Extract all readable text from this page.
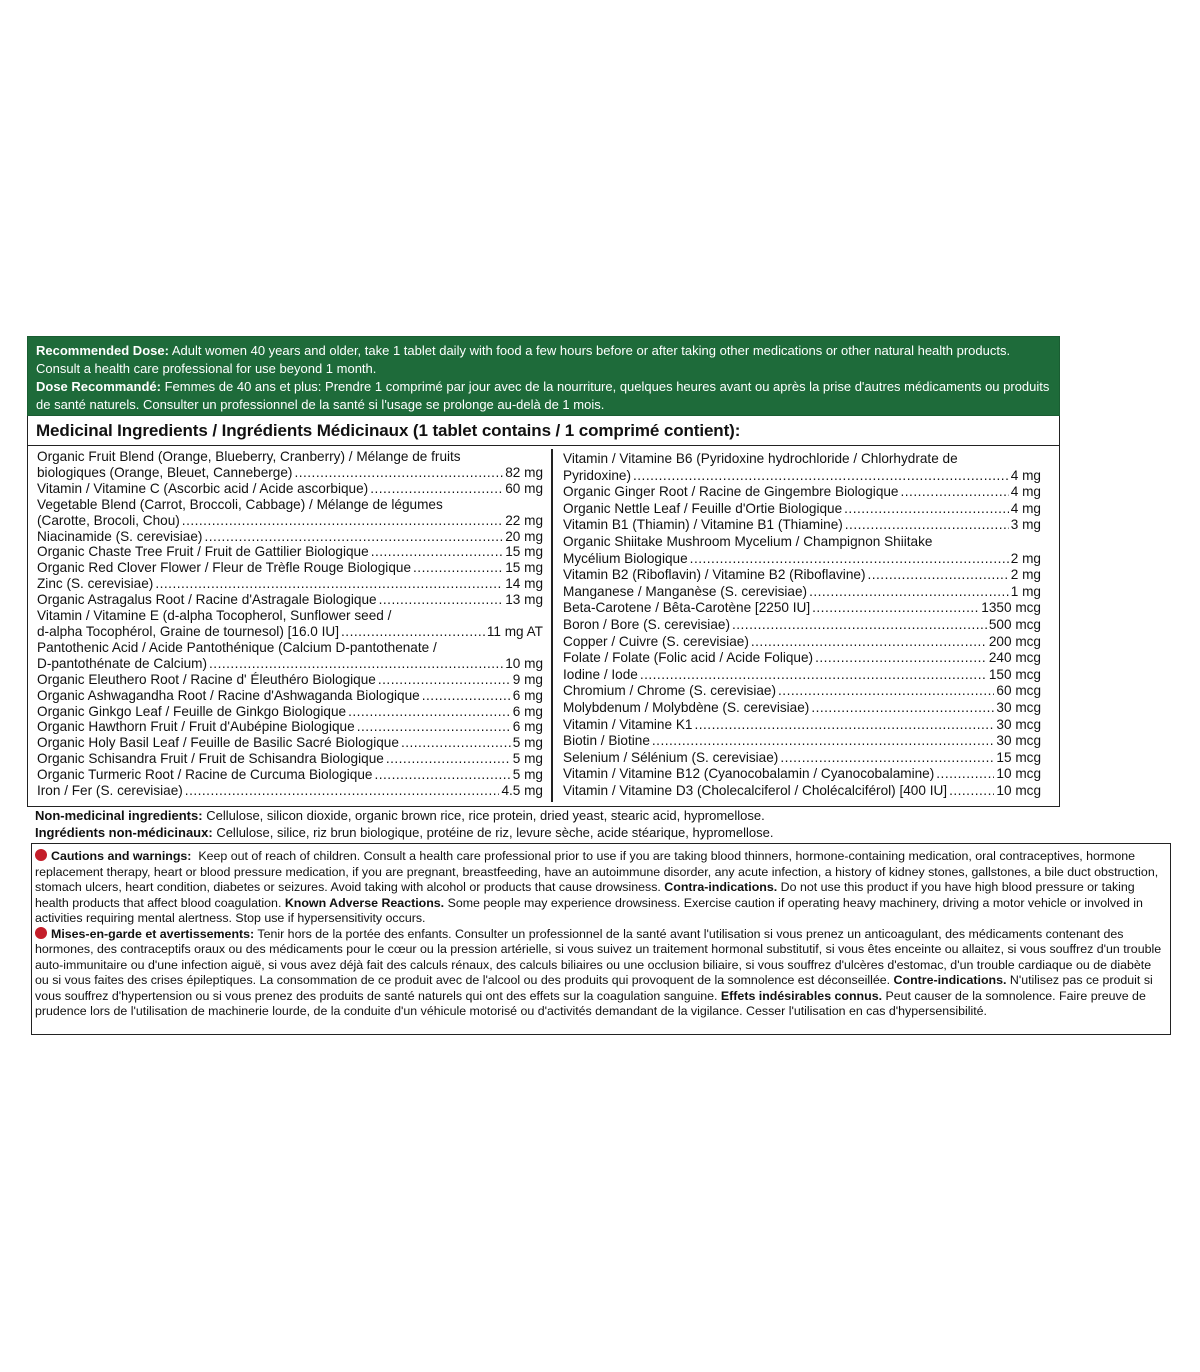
Recommended Dose: Adult women 40 years and older, take 1 tablet daily with food a few hours before or after taking other medications or other natural health products. Consult a health care professional for use beyond 1 month.
Dose Recommandé: Femmes de 40 ans et plus: Prendre 1 comprimé par jour avec de la nourriture, quelques heures avant ou après la prise d'autres médicaments ou produits de santé naturels. Consulter un professionnel de la santé si l'usage se prolonge au-delà de 1 mois.
Medicinal Ingredients / Ingrédients Médicinaux (1 tablet contains / 1 comprimé contient):
Organic Fruit Blend (Orange, Blueberry, Cranberry) / Mélange de fruits
biologiques (Orange, Bleuet, Canneberge) .....	82 mg
Vitamin / Vitamine C (Ascorbic acid / Acide ascorbique) .....	60 mg
Vegetable Blend (Carrot, Broccoli, Cabbage) / Mélange de légumes
(Carotte, Brocoli, Chou) .....	22 mg
Niacinamide (S. cerevisiae) .....	20 mg
Organic Chaste Tree Fruit / Fruit de Gattilier Biologique .....	15 mg
Organic Red Clover Flower / Fleur de Trèfle Rouge Biologique .....	15 mg
Zinc (S. cerevisiae) .....	14 mg
Organic Astragalus Root / Racine d'Astragale Biologique .....	13 mg
Vitamin / Vitamine E (d-alpha Tocopherol, Sunflower seed /
d-alpha Tocophérol, Graine de tournesol) [16.0 IU] .....	11 mg AT
Pantothenic Acid / Acide Pantothénique (Calcium D-pantothenate /
D-pantothénate de Calcium) .....	10 mg
Organic Eleuthero Root / Racine d' Éleuthéro Biologique .....	9 mg
Organic Ashwagandha Root / Racine d'Ashwaganda Biologique .....	6 mg
Organic Ginkgo Leaf / Feuille de Ginkgo Biologique .....	6 mg
Organic Hawthorn Fruit / Fruit d'Aubépine Biologique .....	6 mg
Organic Holy Basil Leaf / Feuille de Basilic Sacré Biologique .....	5 mg
Organic Schisandra Fruit / Fruit de Schisandra Biologique .....	5 mg
Organic Turmeric Root / Racine de Curcuma Biologique .....	5 mg
Iron / Fer (S. cerevisiae) .....	4.5 mg
Vitamin / Vitamine B6 (Pyridoxine hydrochloride / Chlorhydrate de
Pyridoxine) .....	4 mg
Organic Ginger Root / Racine de Gingembre Biologique .....	4 mg
Organic Nettle Leaf / Feuille d'Ortie Biologique .....	4 mg
Vitamin B1 (Thiamin) / Vitamine B1 (Thiamine) .....	3 mg
Organic Shiitake Mushroom Mycelium / Champignon Shiitake
Mycélium Biologique .....	2 mg
Vitamin B2 (Riboflavin) / Vitamine B2 (Riboflavine) .....	2 mg
Manganese / Manganèse (S. cerevisiae) .....	1 mg
Beta-Carotene / Bêta-Carotène [2250 IU] .....	1350 mcg
Boron / Bore (S. cerevisiae) .....	500 mcg
Copper / Cuivre (S. cerevisiae) .....	200 mcg
Folate / Folate (Folic acid / Acide Folique) .....	240 mcg
Iodine / Iode .....	150 mcg
Chromium / Chrome (S. cerevisiae) .....	60 mcg
Molybdenum / Molybdène (S. cerevisiae) .....	30 mcg
Vitamin / Vitamine K1 .....	30 mcg
Biotin / Biotine .....	30 mcg
Selenium / Sélénium (S. cerevisiae) .....	15 mcg
Vitamin / Vitamine B12 (Cyanocobalamin / Cyanocobalamine) .....	10 mcg
Vitamin / Vitamine D3 (Cholecalciferol / Cholécalciférol) [400 IU] .....	10 mcg
Non-medicinal ingredients: Cellulose, silicon dioxide, organic brown rice, rice protein, dried yeast, stearic acid, hypromellose.
Ingrédients non-médicinaux: Cellulose, silice, riz brun biologique, protéine de riz, levure sèche, acide stéarique, hypromellose.
Cautions and warnings: Keep out of reach of children. Consult a health care professional prior to use if you are taking blood thinners, hormone-containing medication, oral contraceptives, hormone replacement therapy, heart or blood pressure medication, if you are pregnant, breastfeeding, have an autoimmune disorder, any acute infection, a history of kidney stones, gallstones, a bile duct obstruction, stomach ulcers, heart condition, diabetes or seizures. Avoid taking with alcohol or products that cause drowsiness. Contra-indications. Do not use this product if you have high blood pressure or taking health products that affect blood coagulation. Known Adverse Reactions. Some people may experience drowsiness. Exercise caution if operating heavy machinery, driving a motor vehicle or involved in activities requiring mental alertness. Stop use if hypersensitivity occurs.
Mises-en-garde et avertissements: Tenir hors de la portée des enfants. Consulter un professionnel de la santé avant l'utilisation si vous prenez un anticoagulant, des médicaments contenant des hormones, des contraceptifs oraux ou des médicaments pour le cœur ou la pression artérielle, si vous suivez un traitement hormonal substitutif, si vous êtes enceinte ou allaitez, si vous souffrez d'un trouble auto-immunitaire ou d'une infection aiguë, si vous avez déjà fait des calculs rénaux, des calculs biliaires ou une occlusion biliaire, si vous souffrez d'ulcères d'estomac, d'un trouble cardiaque ou de diabète ou si vous faites des crises épileptiques. La consommation de ce produit avec de l'alcool ou des produits qui provoquent de la somnolence est déconseillée. Contre-indications. N'utilisez pas ce produit si vous souffrez d'hypertension ou si vous prenez des produits de santé naturels qui ont des effets sur la coagulation sanguine. Effets indésirables connus. Peut causer de la somnolence. Faire preuve de prudence lors de l'utilisation de machinerie lourde, de la conduite d'un véhicule motorisé ou d'activités demandant de la vigilance. Cesser l'utilisation en cas d'hypersensibilité.
